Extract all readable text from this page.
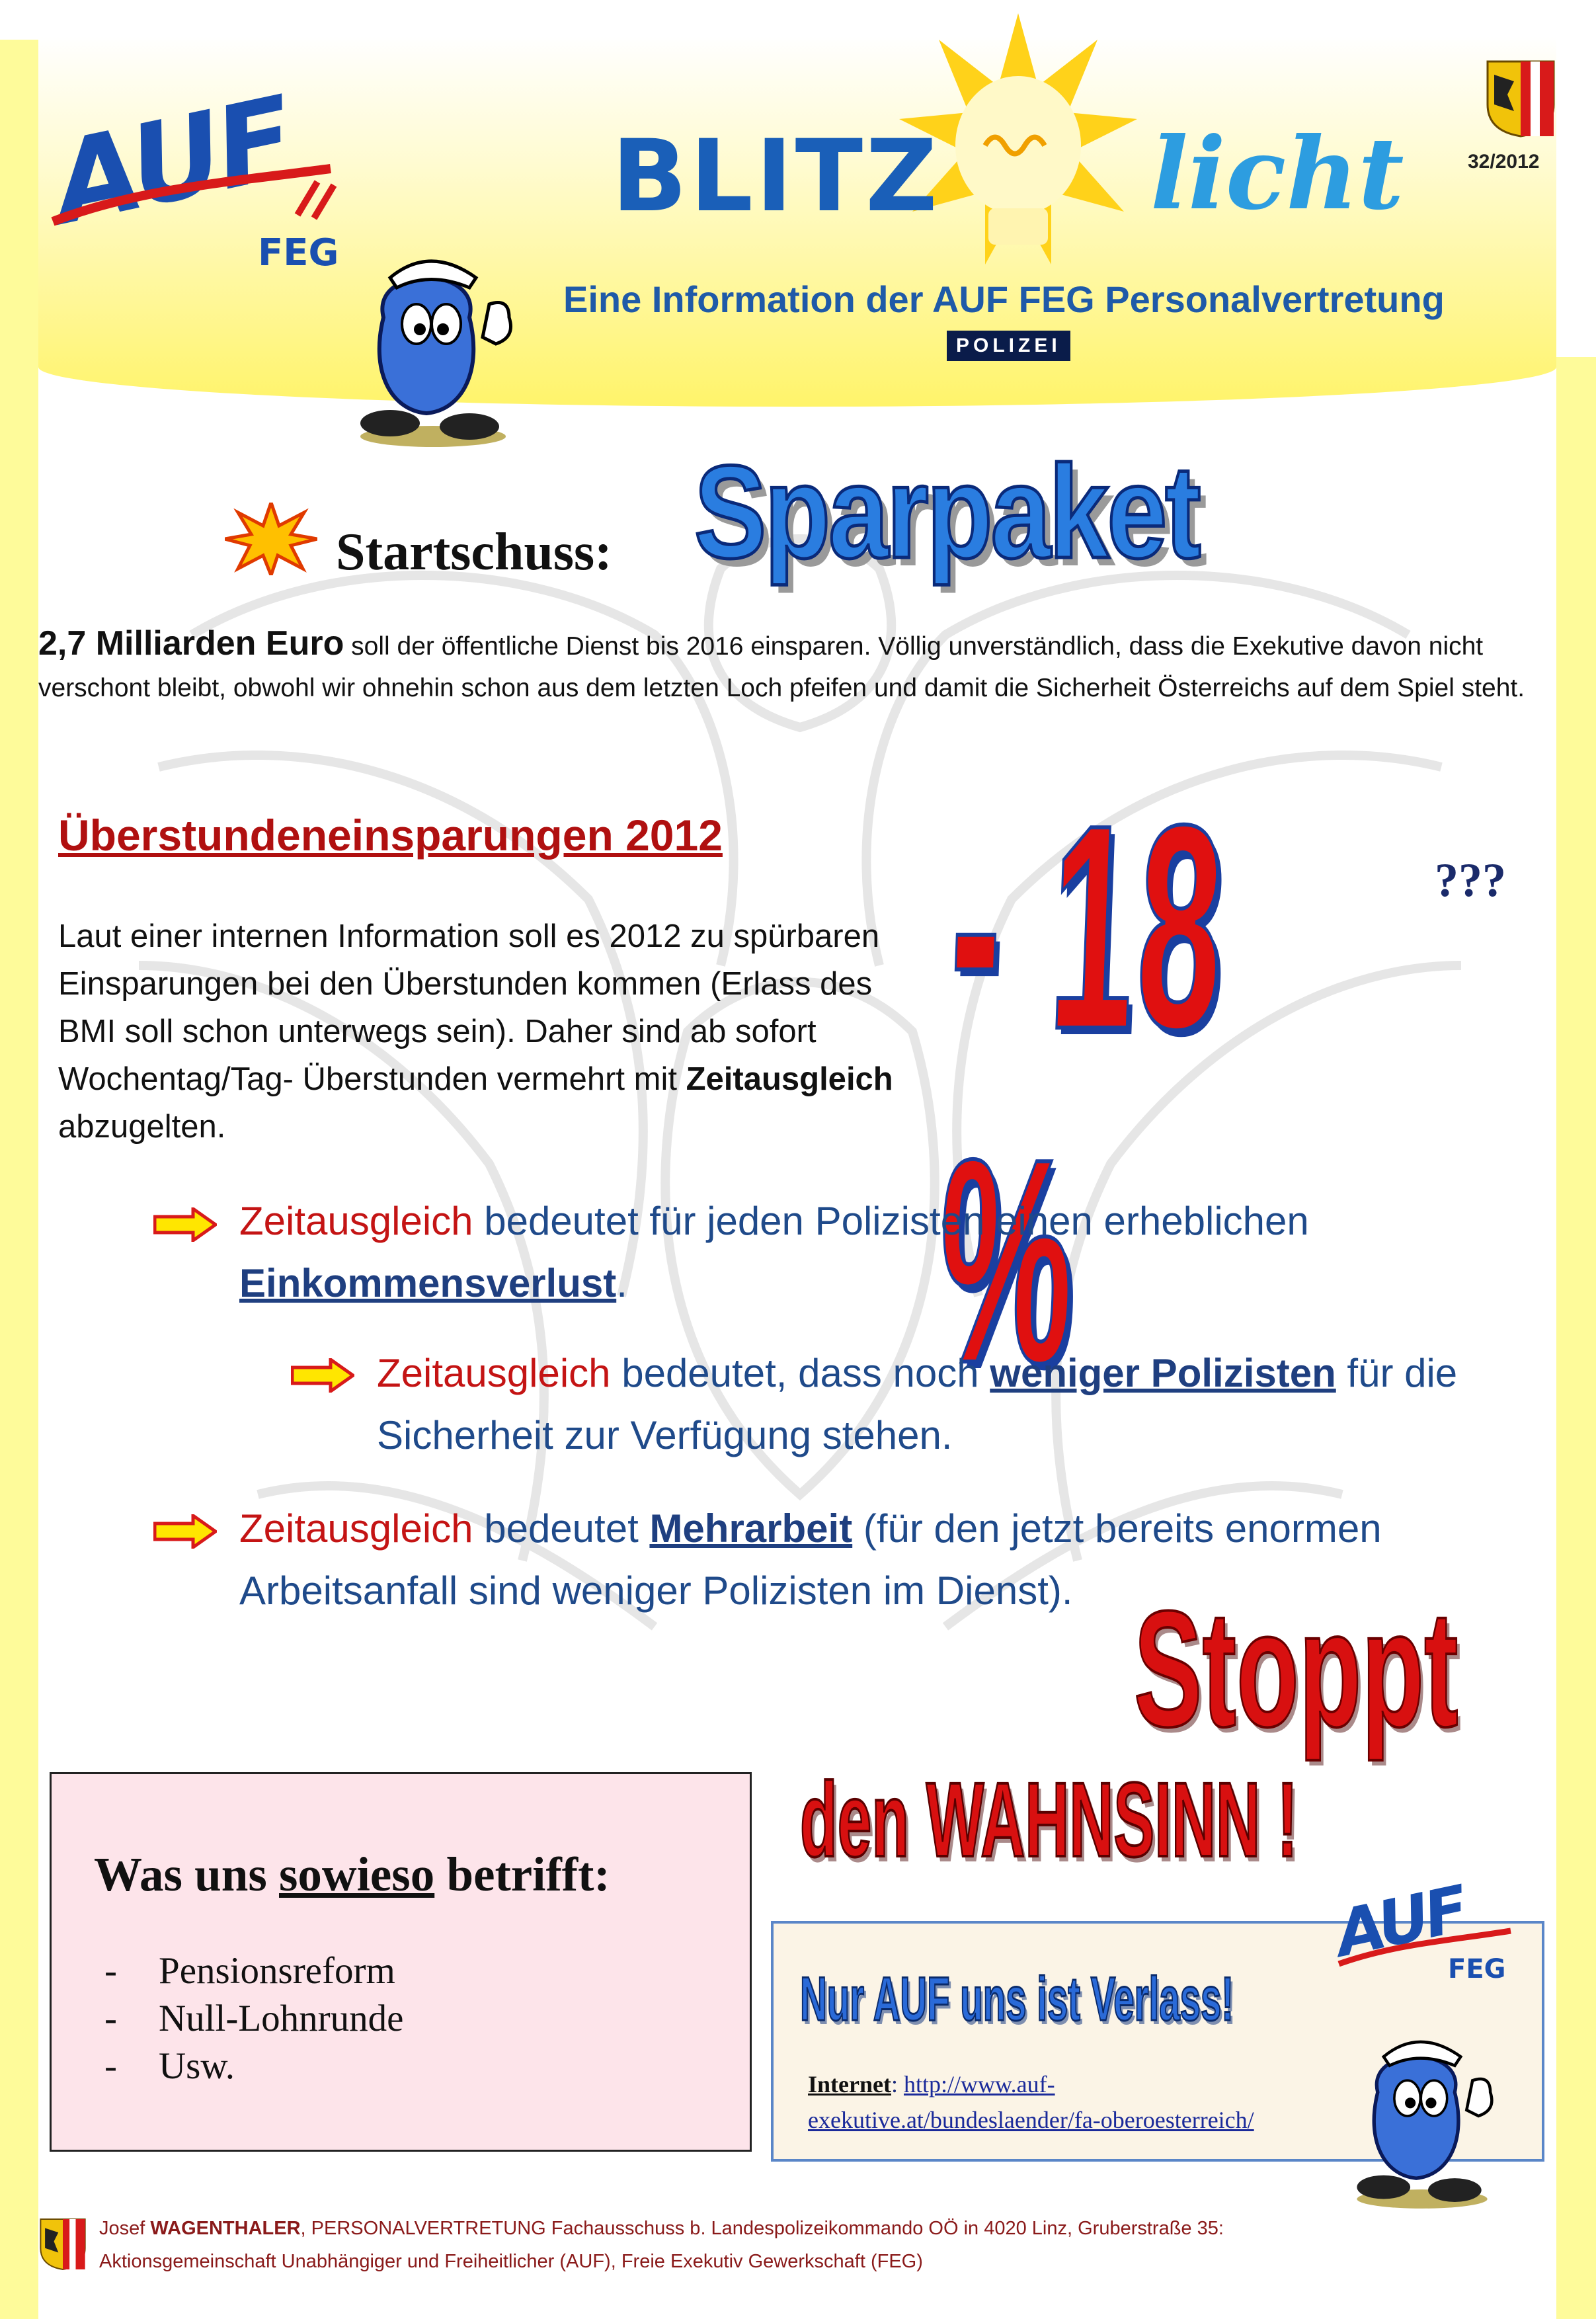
AUF
FEG
BLITZ licht
Eine Information der AUF FEG Personalvertretung
POLIZEI
32/2012
Startschuss: Sparpaket
2,7 Milliarden Euro soll der öffentliche Dienst bis 2016 einsparen. Völlig unverständlich, dass die Exekutive davon nicht verschont bleibt, obwohl wir ohnehin schon aus dem letzten Loch pfeifen und damit die Sicherheit Österreichs auf dem Spiel steht.
Überstundeneinsparungen 2012
Laut einer internen Information soll es 2012 zu spürbaren Einsparungen bei den Überstunden kommen (Erlass des BMI soll schon unterwegs sein). Daher sind ab sofort Wochentag/Tag- Überstunden vermehrt mit Zeitausgleich abzugelten.
- 18 %
???
Zeitausgleich bedeutet für jeden Polizisten einen erheblichen Einkommensverlust.
Zeitausgleich bedeutet, dass noch weniger Polizisten für die Sicherheit zur Verfügung stehen.
Zeitausgleich bedeutet Mehrarbeit (für den jetzt bereits enormen Arbeitsanfall sind weniger Polizisten im Dienst). Stoppt
den WAHNSINN !
Was uns sowieso betrifft:
- Pensionsreform
- Null-Lohnrunde
- Usw.
Nur AUF uns ist Verlass!
Internet: http://www.auf-
exekutive.at/bundeslaender/fa-oberoesterreich/
AUF
FEG
Josef WAGENTHALER, PERSONALVERTRETUNG Fachausschuss b. Landespolizeikommando OÖ in 4020 Linz, Gruberstraße 35:
Aktionsgemeinschaft Unabhängiger und Freiheitlicher (AUF), Freie Exekutiv Gewerkschaft (FEG)
